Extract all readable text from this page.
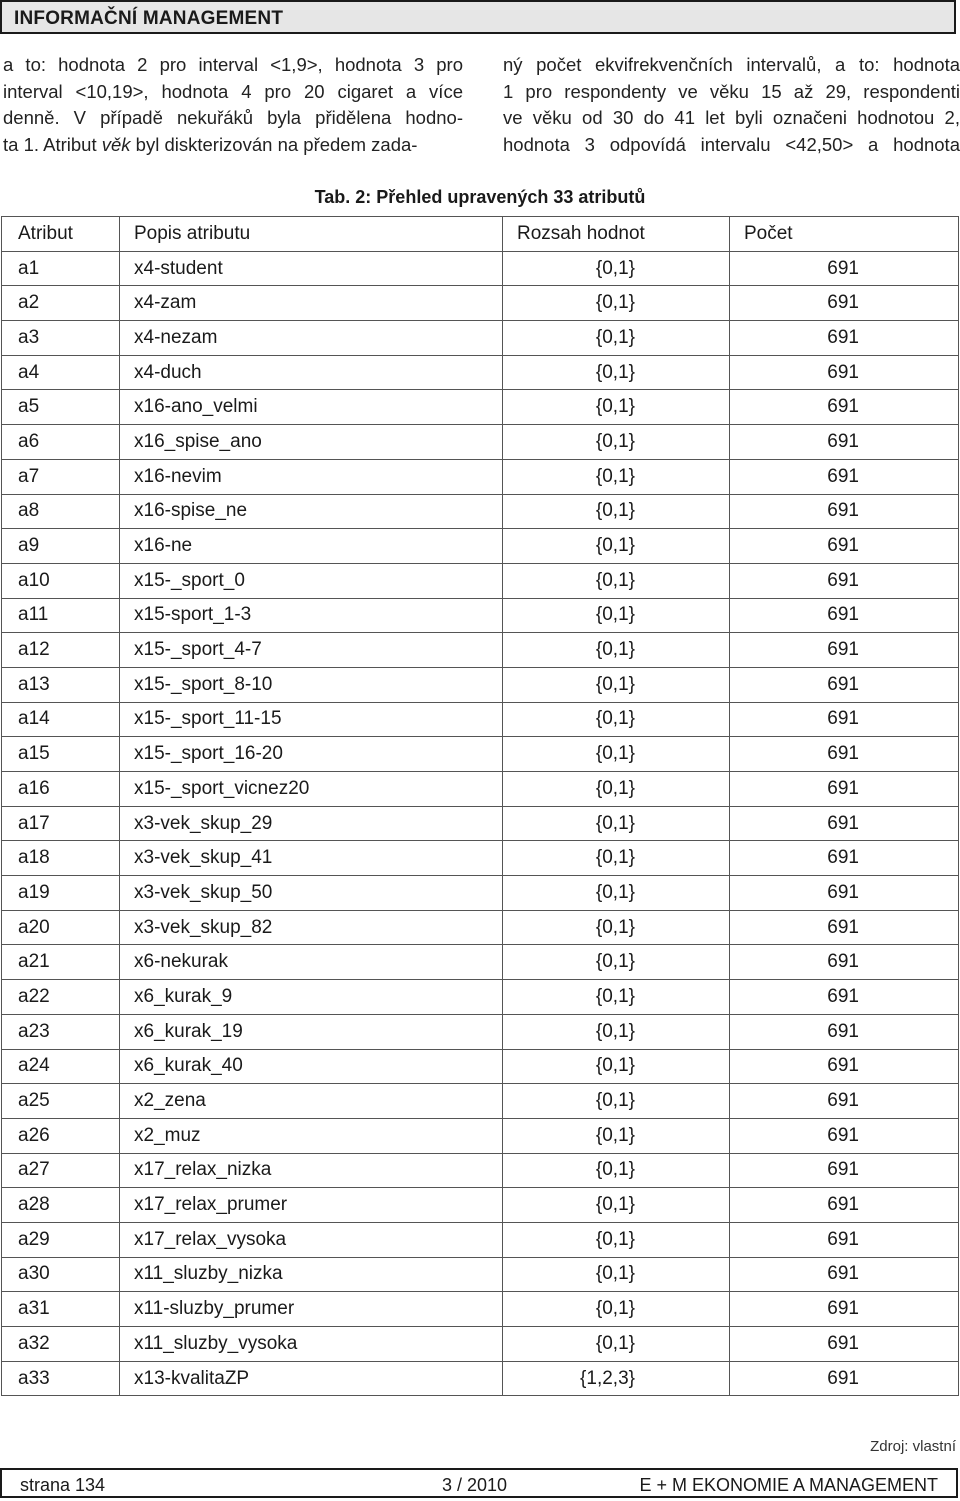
INFORMAČNÍ MANAGEMENT
a to: hodnota 2 pro interval <1,9>, hodnota 3 pro
interval <10,19>, hodnota 4 pro 20 cigaret a více
denně. V případě nekuřáků byla přidělena hodno-
ta 1. Atribut věk byl diskterizován na předem zada-
ný počet ekvifrekvenčních intervalů, a to: hodnota
1 pro respondenty ve věku 15 až 29, respondenti
ve věku od 30 do 41 let byli označeni hodnotou 2,
hodnota 3 odpovídá intervalu <42,50> a hodnota
Tab. 2: Přehled upravených 33 atributů
Atribut	Popis atributu	Rozsah hodnot	Počet
a1	x4-student	{0,1}	691
a2	x4-zam	{0,1}	691
a3	x4-nezam	{0,1}	691
a4	x4-duch	{0,1}	691
a5	x16-ano_velmi	{0,1}	691
a6	x16_spise_ano	{0,1}	691
a7	x16-nevim	{0,1}	691
a8	x16-spise_ne	{0,1}	691
a9	x16-ne	{0,1}	691
a10	x15-_sport_0	{0,1}	691
a11	x15-sport_1-3	{0,1}	691
a12	x15-_sport_4-7	{0,1}	691
a13	x15-_sport_8-10	{0,1}	691
a14	x15-_sport_11-15	{0,1}	691
a15	x15-_sport_16-20	{0,1}	691
a16	x15-_sport_vicnez20	{0,1}	691
a17	x3-vek_skup_29	{0,1}	691
a18	x3-vek_skup_41	{0,1}	691
a19	x3-vek_skup_50	{0,1}	691
a20	x3-vek_skup_82	{0,1}	691
a21	x6-nekurak	{0,1}	691
a22	x6_kurak_9	{0,1}	691
a23	x6_kurak_19	{0,1}	691
a24	x6_kurak_40	{0,1}	691
a25	x2_zena	{0,1}	691
a26	x2_muz	{0,1}	691
a27	x17_relax_nizka	{0,1}	691
a28	x17_relax_prumer	{0,1}	691
a29	x17_relax_vysoka	{0,1}	691
a30	x11_sluzby_nizka	{0,1}	691
a31	x11-sluzby_prumer	{0,1}	691
a32	x11_sluzby_vysoka	{0,1}	691
a33	x13-kvalitaZP	{1,2,3}	691
Zdroj: vlastní
strana 134	3 / 2010	E + M EKONOMIE A MANAGEMENT
